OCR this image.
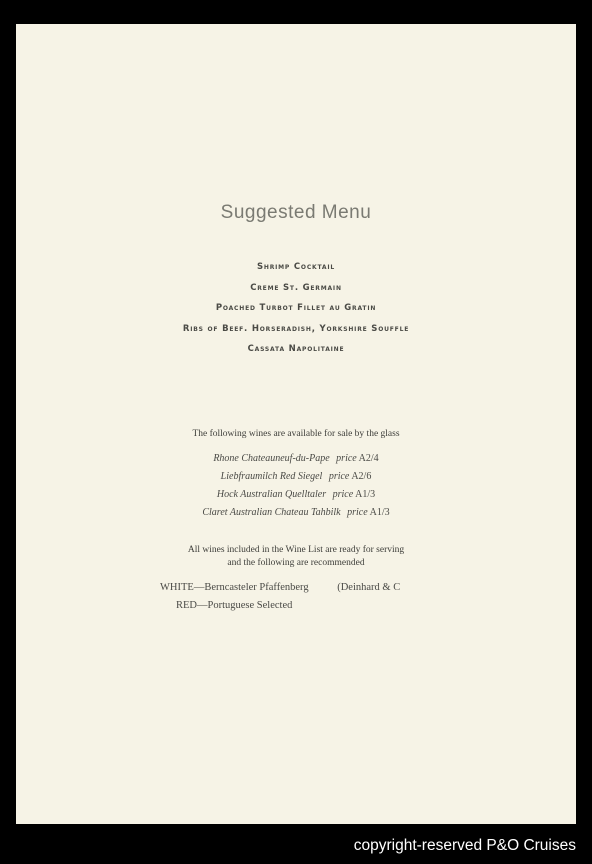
Suggested Menu
Shrimp Cocktail
Creme St. Germain
Poached Turbot Fillet au Gratin
Ribs of Beef. Horseradish, Yorkshire Souffle
Cassata Napolitaine
The following wines are available for sale by the glass
Rhone Chateauneuf-du-Pape price A2/4
Liebfraumilch Red Siegel price A2/6
Hock Australian Quelltaler price A1/3
Claret Australian Chateau Tahbilk price A1/3
All wines included in the Wine List are ready for serving
and the following are recommended
WHITE—Berncasteler Pfaffenberg	(Deinhard & C
RED—Portuguese Selected
copyright-reserved P&O Cruises
